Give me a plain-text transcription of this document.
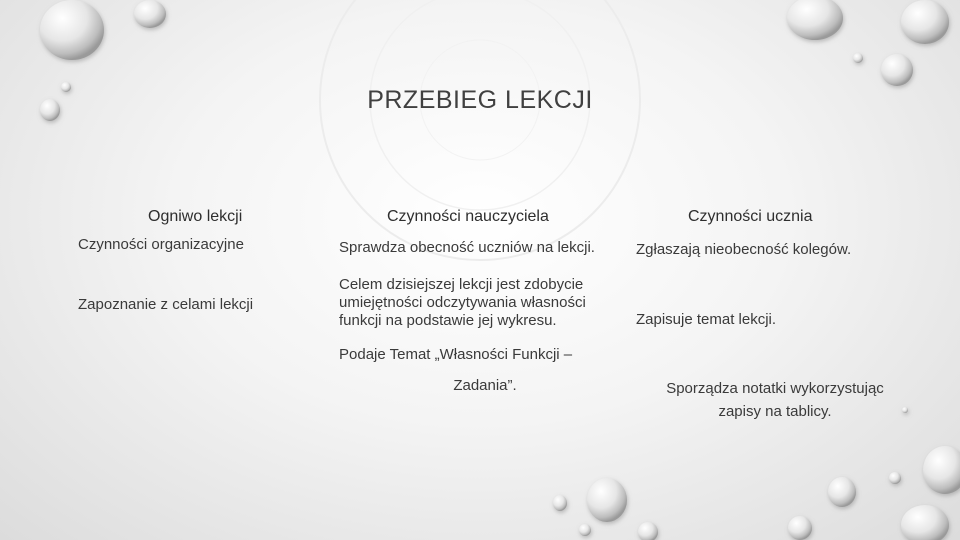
PRZEBIEG LEKCJI
Ogniwo lekcji	Czynności nauczyciela	Czynności ucznia
Czynności organizacyjne
Zapoznanie z celami lekcji
Sprawdza obecność uczniów na lekcji.
Celem dzisiejszej lekcji jest zdobycie
umiejętności odczytywania własności
funkcji na podstawie jej wykresu.
Podaje Temat „Własności Funkcji –
Zadania”.
Zgłaszają nieobecność kolegów.
Zapisuje temat lekcji.
Sporządza notatki wykorzystując
zapisy na tablicy.
